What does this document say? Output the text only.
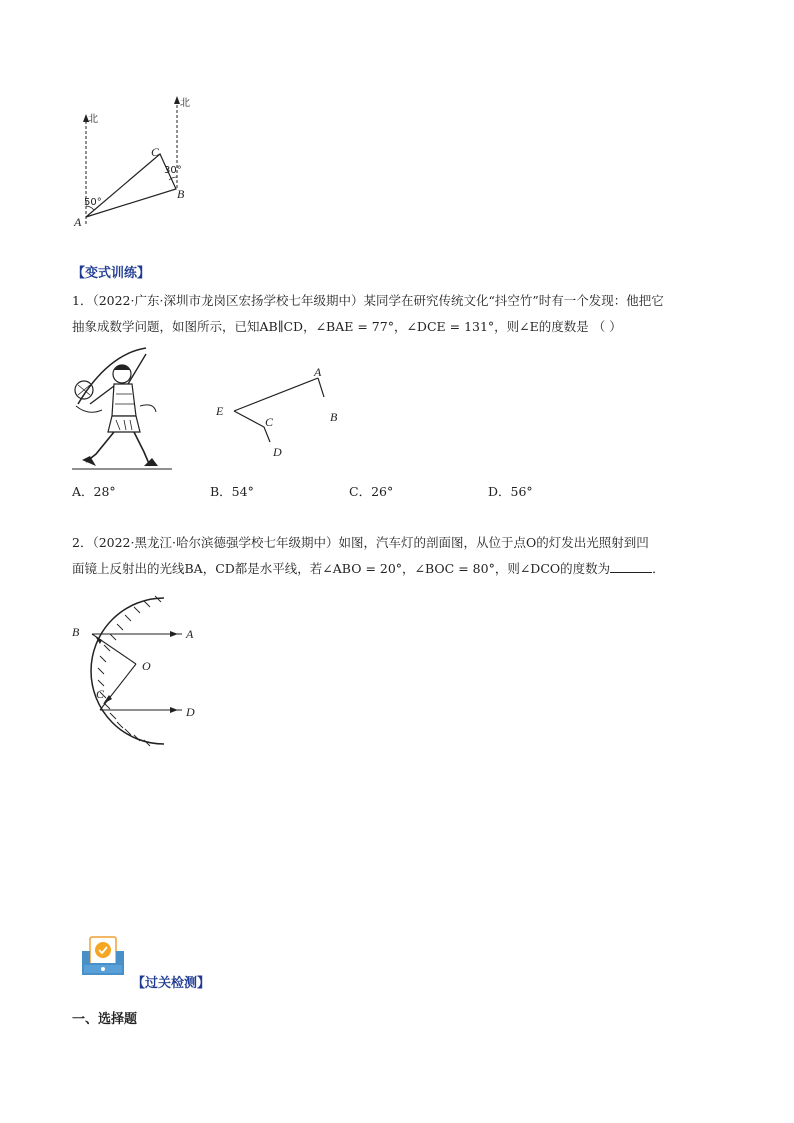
北
北
A
B
C
50°
30°
【变式训练】
1．（2022·广东·深圳市龙岗区宏扬学校七年级期中）某同学在研究传统文化“抖空竹”时有一个发现：他把它
抽象成数学问题，如图所示，已知AB∥CD，∠BAE = 77°，∠DCE = 131°，则∠E的度数是 （ ）
A
B
C
D
E
A．28°	B．54°	C．26°	D．56°
2．（2022·黑龙江·哈尔滨德强学校七年级期中）如图，汽车灯的剖面图，从位于点O的灯发出光照射到凹
面镜上反射出的光线BA，CD都是水平线，若∠ABO = 20°，∠BOC = 80°，则∠DCO的度数为	．
B	A
O
C
D
【过关检测】
一、选择题
